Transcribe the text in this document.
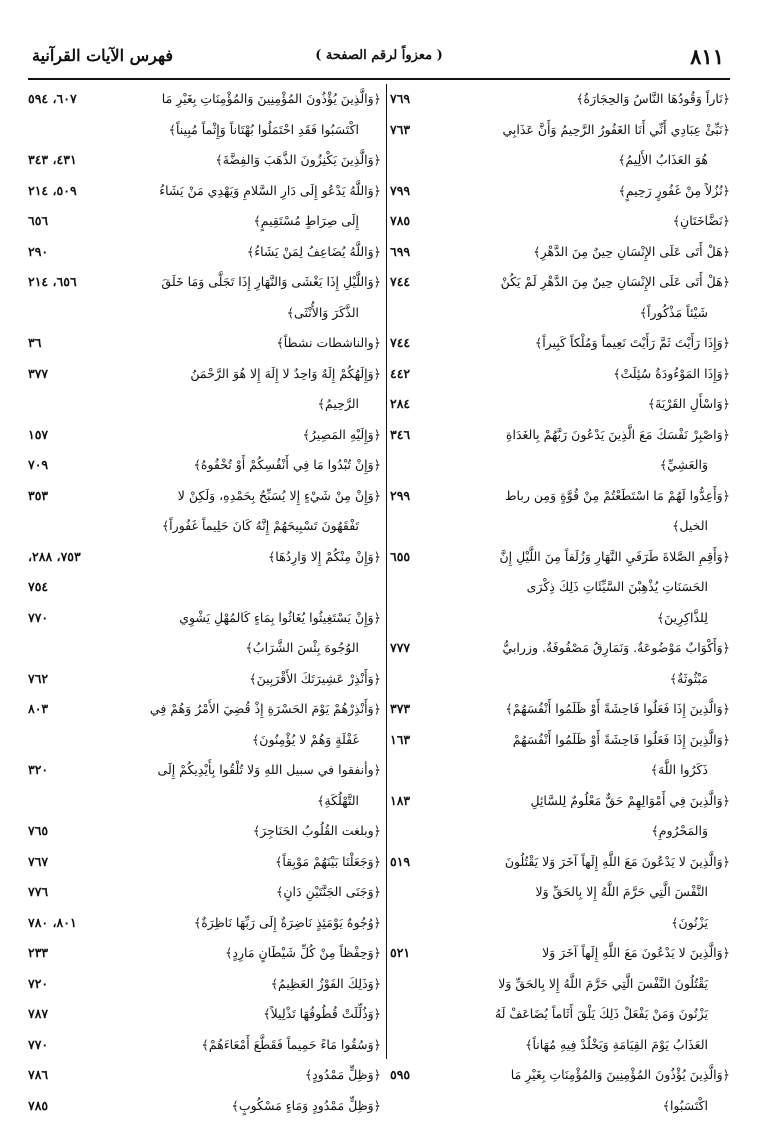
٨١١
( معزواً لرقم الصفحة )
فهرس الآيات القرآنية
﴿نَاراً وَقُودُهَا النَّاسُ وَالحِجَارَةُ﴾
٧٦٩
﴿نَبِّئْ عِبَادِي أَنِّي أَنَا الغَفُورُ الرَّحِيمُ وَأَنَّ عَذَابِي
٧٦٣
هُوَ العَذَابُ الأَلِيمُ﴾
﴿نُزُلاً مِنْ غَفُورٍ رَحِيمٍ﴾
٧٩٩
﴿نَضَّاخَتَانِ﴾
٧٨٥
﴿هَلْ أَتَى عَلَى الإِنْسَانِ حِينٌ مِنَ الدَّهْرِ﴾
٦٩٩
﴿هَلْ أَتَى عَلَى الإِنْسَانِ حِينٌ مِنَ الدَّهْرِ لَمْ يَكُنْ
٧٤٤
شَيْئاً مَذْكُوراً﴾
﴿وَإِذَا رَأَيْتَ ثَمَّ رَأَيْتَ نَعِيماً وَمُلْكاً كَبِيراً﴾
٧٤٤
﴿وَإِذَا المَوْءُودَةُ سُئِلَتْ﴾
٤٤٢
﴿وَاسْأَلِ القَرْيَةَ﴾
٢٨٤
﴿وَاصْبِرْ نَفْسَكَ مَعَ الَّذِينَ يَدْعُونَ رَبَّهُمْ بِالغَدَاةِ
٣٤٦
وَالعَشِيِّ﴾
﴿وَأَعِدُّوا لَهُمْ مَا اسْتَطَعْتُمْ مِنْ قُوَّةٍ وَمِن رباط
٢٩٩
الخيل﴾
﴿وَأَقِمِ الصَّلاةَ طَرَفَيِ النَّهَارِ وَزُلَفاً مِنَ اللَّيْلِ إِنَّ
٦٥٥
الحَسَنَاتِ يُذْهِبْنَ السَّيِّئَاتِ ذَلِكَ ذِكْرَى
لِلذَّاكِرِينَ﴾
﴿وَأَكْوَابٌ مَوْضُوعَةٌ. وَنَمَارِقُ مَصْفُوفَةٌ. وزرابيُّ
٧٧٧
مَبْثُوثَةٌ﴾
﴿وَالَّذِينَ إِذَا فَعَلُوا فَاحِشَةً أَوْ ظَلَمُوا أَنْفُسَهُمْ﴾
٣٧٣
﴿وَالَّذِينَ إِذَا فَعَلُوا فَاحِشَةً أَوْ ظَلَمُوا أَنْفُسَهُمْ
١٦٣
ذَكَرُوا اللَّهَ﴾
﴿وَالَّذِينَ فِي أَمْوَالِهِمْ حَقٌّ مَعْلُومٌ لِلسَّائِلِ
١٨٣
وَالمَحْرُومِ﴾
﴿وَالَّذِينَ لا يَدْعُونَ مَعَ اللَّهِ إِلَهاً آخَرَ وَلا يَقْتُلُونَ
٥١٩
النَّفْسَ الَّتِي حَرَّمَ اللَّهُ إِلا بِالحَقِّ وَلا
يَزْنُونَ﴾
﴿وَالَّذِينَ لا يَدْعُونَ مَعَ اللَّهِ إِلَهاً آخَرَ وَلا
٥٢١
يَقْتُلُونَ النَّفْسَ الَّتِي حَرَّمَ اللَّهُ إِلا بِالحَقِّ وَلا
يَزْنُونَ وَمَنْ يَفْعَلْ ذَلِكَ يَلْقَ أَثَاماً يُضَاعَفْ لَهُ
العَذَابُ يَوْمَ القِيَامَةِ وَيَخْلُدْ فِيهِ مُهَاناً﴾
﴿وَالَّذِينَ يُؤْذُونَ المُؤْمِنِينَ وَالمُؤْمِنَاتِ بِغَيْرِ مَا
٥٩٥
اكْتَسَبُوا﴾
﴿وَالَّذِينَ يُؤْذُونَ المُؤْمِنِينَ وَالمُؤْمِنَاتِ بِغَيْرِ مَا
٦٠٧، ٥٩٤
اكْتَسَبُوا فَقَدِ احْتَمَلُوا بُهْتَاناً وَإِثْماً مُبِيناً﴾
﴿وَالَّذِينَ يَكْنِزُونَ الذَّهَبَ وَالفِضَّةَ﴾
٤٣١، ٣٤٣
﴿وَاللَّهُ يَدْعُو إِلَى دَارِ السَّلامِ وَيَهْدِي مَنْ يَشَاءُ
٥٠٩، ٢١٤
إِلَى صِرَاطٍ مُسْتَقِيمٍ﴾
٦٥٦
﴿وَاللَّهُ يُضَاعِفُ لِمَنْ يَشَاءُ﴾
٢٩٠
﴿وَاللَّيْلِ إِذَا يَغْشَى وَالنَّهَارِ إِذَا تَجَلَّى وَمَا خَلَقَ
٦٥٦، ٢١٤
الذَّكَرَ وَالأُنْثَى﴾
﴿والناشطات نشطاً﴾
٣٦
﴿وَإِلَهُكُمْ إِلَهٌ وَاحِدٌ لا إِلَهَ إِلا هُوَ الرَّحْمَنُ
٣٧٧
الرَّحِيمُ﴾
﴿وَإِلَيْهِ المَصِيرُ﴾
١٥٧
﴿وَإِنْ تُبْدُوا مَا فِي أَنْفُسِكُمْ أَوْ تُخْفُوهُ﴾
٧٠٩
﴿وَإِنْ مِنْ شَيْءٍ إِلا يُسَبِّحُ بِحَمْدِهِ، وَلَكِنْ لا
٣٥٣
تَفْقَهُونَ تَسْبِيحَهُمْ إِنَّهُ كَانَ حَلِيماً غَفُوراً﴾
﴿وَإِنْ مِنْكُمْ إِلا وَارِدُهَا﴾
٧٥٣، ٢٨٨،
٧٥٤
﴿وَإِنْ يَسْتَغِيثُوا يُغَاثُوا بِمَاءٍ كَالمُهْلِ يَشْوِي
٧٧٠
الوُجُوهَ بِئْسَ الشَّرَابُ﴾
﴿وَأَنْذِرْ عَشِيرَتَكَ الأَقْرَبِينَ﴾
٧٦٢
﴿وَأَنْذِرْهُمْ يَوْمَ الحَسْرَةِ إِذْ قُضِيَ الأَمْرُ وَهُمْ فِي
٨٠٣
غَفْلَةٍ وَهُمْ لا يُؤْمِنُونَ﴾
﴿وأنفقوا في سبيل اللهِ وَلا تُلْقُوا بِأَيْدِيكُمْ إِلَى
٣٢٠
التَّهْلُكَةِ﴾
﴿وبلغت القُلُوبُ الحَنَاجِرَ﴾
٧٦٥
﴿وَجَعَلْنَا بَيْنَهُمْ مَوْبِقاً﴾
٧٦٧
﴿وَجَنَى الجَنَّتَيْنِ دَانٍ﴾
٧٧٦
﴿وُجُوهٌ يَوْمَئِذٍ نَاضِرَةٌ إِلَى رَبِّهَا نَاظِرَةٌ﴾
٨٠١، ٧٨٠
﴿وَحِفْظاً مِنْ كُلِّ شَيْطَانٍ مَارِدٍ﴾
٢٣٣
﴿وَذَلِكَ الفَوْزُ العَظِيمُ﴾
٧٢٠
﴿وَذُلِّلَتْ قُطُوفُهَا تَذْلِيلاً﴾
٧٨٧
﴿وَسُقُوا مَاءً حَمِيماً فَقَطَّعَ أَمْعَاءَهُمْ﴾
٧٧٠
﴿وَظِلٍّ مَمْدُودٍ﴾
٧٨٦
﴿وَظِلٍّ مَمْدُودٍ وَمَاءٍ مَسْكُوبٍ﴾
٧٨٥
